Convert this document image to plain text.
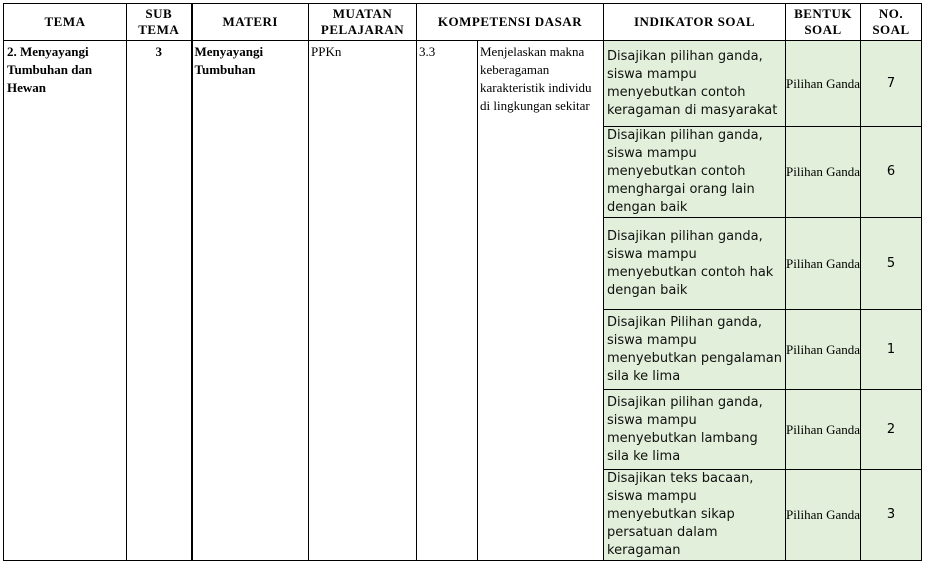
TEMA	SUB TEMA	MATERI	MUATAN PELAJARAN	KOMPETENSI DASAR		INDIKATOR SOAL	BENTUK SOAL	NO. SOAL
2. Menyayangi Tumbuhan dan Hewan	3	Menyayangi Tumbuhan	PPKn	3.3	Menjelaskan makna keberagaman karakteristik individu di lingkungan sekitar	Disajikan pilihan ganda, siswa mampu menyebutkan contoh keragaman di masyarakat	Pilihan Ganda	7
						Disajikan pilihan ganda, siswa mampu menyebutkan contoh menghargai orang lain dengan baik	Pilihan Ganda	6
						Disajikan pilihan ganda, siswa mampu menyebutkan contoh hak dengan baik	Pilihan Ganda	5
						Disajikan Pilihan ganda, siswa mampu menyebutkan pengalaman sila ke lima	Pilihan Ganda	1
						Disajikan pilihan ganda, siswa mampu menyebutkan lambang sila ke lima	Pilihan Ganda	2
						Disajikan teks bacaan, siswa mampu menyebutkan sikap persatuan dalam keragaman	Pilihan Ganda	3
